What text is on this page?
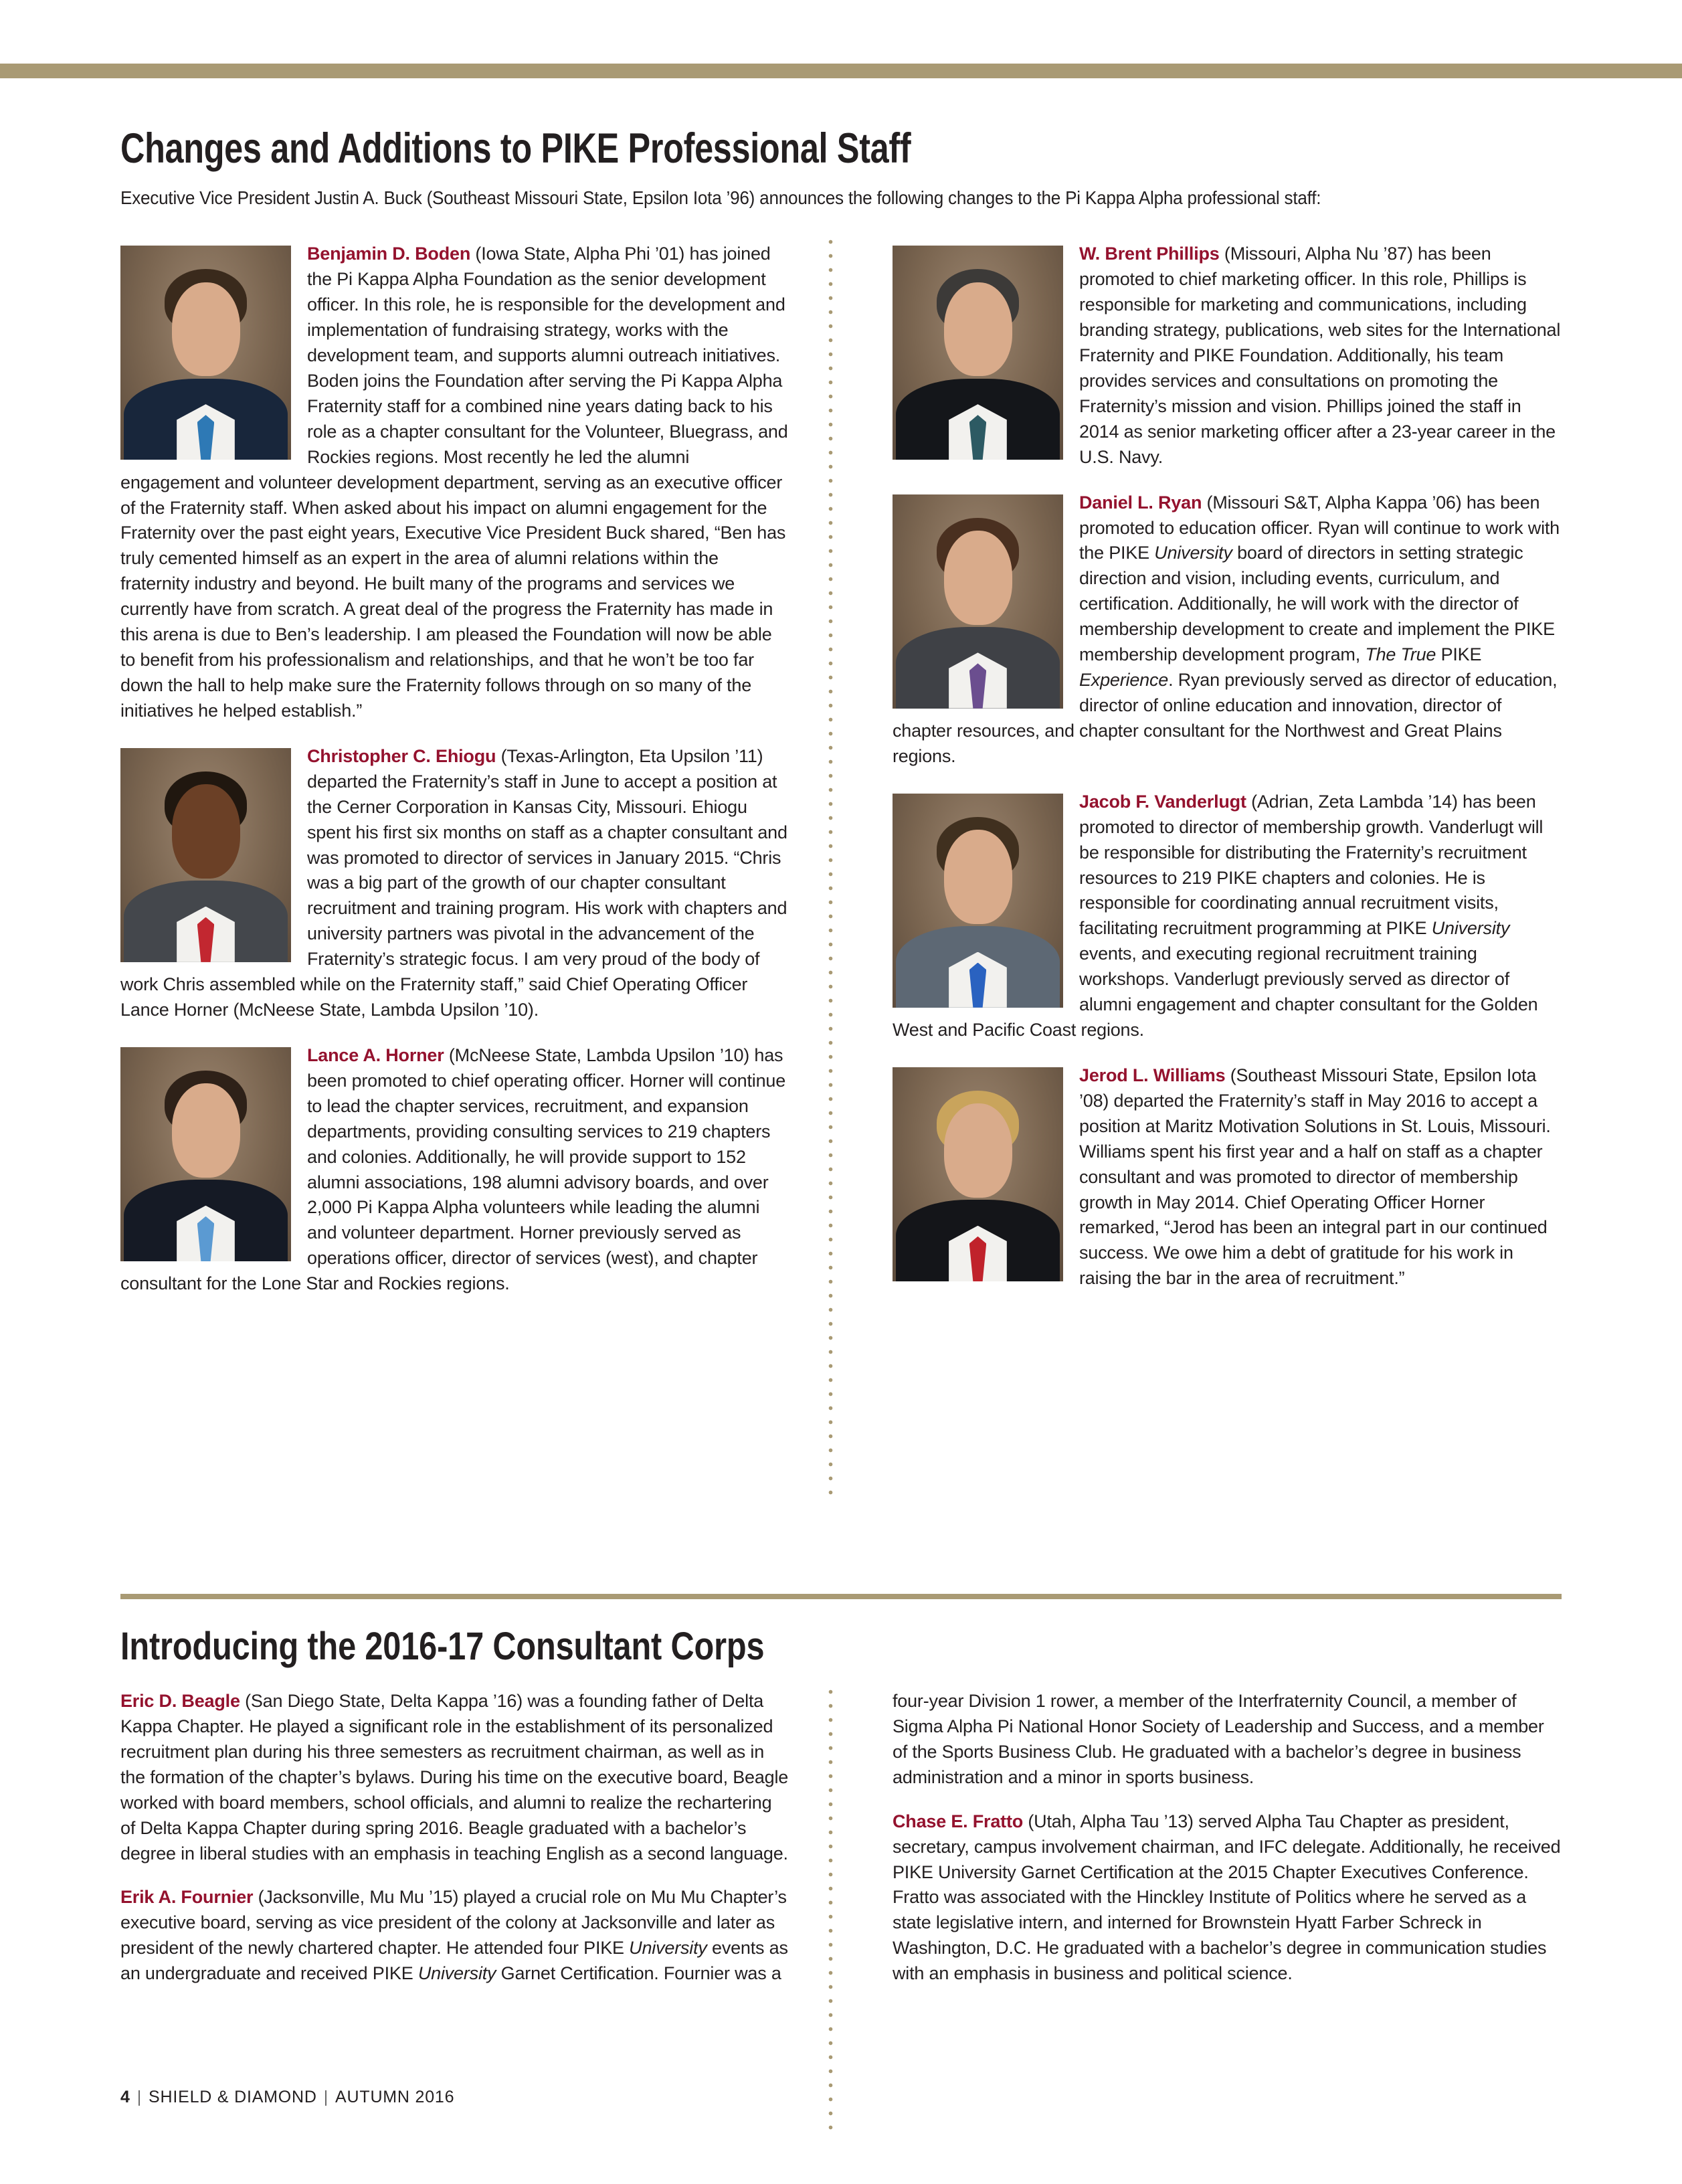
Changes and Additions to PIKE Professional Staff

Executive Vice President Justin A. Buck (Southeast Missouri State, Epsilon Iota ’96) announces the following changes to the Pi Kappa Alpha professional staff:

Benjamin D. Boden (Iowa State, Alpha Phi ’01) has joined the Pi Kappa Alpha Foundation as the senior development officer. In this role, he is responsible for the development and implementation of fundraising strategy, works with the development team, and supports alumni outreach initiatives. Boden joins the Foundation after serving the Pi Kappa Alpha Fraternity staff for a combined nine years dating back to his role as a chapter consultant for the Volunteer, Bluegrass, and Rockies regions. Most recently he led the alumni engagement and volunteer development department, serving as an executive officer of the Fraternity staff. When asked about his impact on alumni engagement for the Fraternity over the past eight years, Executive Vice President Buck shared, “Ben has truly cemented himself as an expert in the area of alumni relations within the fraternity industry and beyond. He built many of the programs and services we currently have from scratch. A great deal of the progress the Fraternity has made in this arena is due to Ben’s leadership. I am pleased the Foundation will now be able to benefit from his professionalism and relationships, and that he won’t be too far down the hall to help make sure the Fraternity follows through on so many of the initiatives he helped establish.”

Christopher C. Ehiogu (Texas-Arlington, Eta Upsilon ’11) departed the Fraternity’s staff in June to accept a position at the Cerner Corporation in Kansas City, Missouri. Ehiogu spent his first six months on staff as a chapter consultant and was promoted to director of services in January 2015. “Chris was a big part of the growth of our chapter consultant recruitment and training program. His work with chapters and university partners was pivotal in the advancement of the Fraternity’s strategic focus. I am very proud of the body of work Chris assembled while on the Fraternity staff,” said Chief Operating Officer Lance Horner (McNeese State, Lambda Upsilon ’10).

Lance A. Horner (McNeese State, Lambda Upsilon ’10) has been promoted to chief operating officer. Horner will continue to lead the chapter services, recruitment, and expansion departments, providing consulting services to 219 chapters and colonies. Additionally, he will provide support to 152 alumni associations, 198 alumni advisory boards, and over 2,000 Pi Kappa Alpha volunteers while leading the alumni and volunteer department. Horner previously served as operations officer, director of services (west), and chapter consultant for the Lone Star and Rockies regions.

W. Brent Phillips (Missouri, Alpha Nu ’87) has been promoted to chief marketing officer. In this role, Phillips is responsible for marketing and communications, including branding strategy, publications, web sites for the International Fraternity and PIKE Foundation. Additionally, his team provides services and consultations on promoting the Fraternity’s mission and vision. Phillips joined the staff in 2014 as senior marketing officer after a 23-year career in the U.S. Navy.

Daniel L. Ryan (Missouri S&T, Alpha Kappa ’06) has been promoted to education officer. Ryan will continue to work with the PIKE University board of directors in setting strategic direction and vision, including events, curriculum, and certification. Additionally, he will work with the director of membership development to create and implement the PIKE membership development program, The True PIKE Experience. Ryan previously served as director of education, director of online education and innovation, director of chapter resources, and chapter consultant for the Northwest and Great Plains regions.

Jacob F. Vanderlugt (Adrian, Zeta Lambda ’14) has been promoted to director of membership growth. Vanderlugt will be responsible for distributing the Fraternity’s recruitment resources to 219 PIKE chapters and colonies. He is responsible for coordinating annual recruitment visits, facilitating recruitment programming at PIKE University events, and executing regional recruitment training workshops. Vanderlugt previously served as director of alumni engagement and chapter consultant for the Golden West and Pacific Coast regions.

Jerod L. Williams (Southeast Missouri State, Epsilon Iota ’08) departed the Fraternity’s staff in May 2016 to accept a position at Maritz Motivation Solutions in St. Louis, Missouri. Williams spent his first year and a half on staff as a chapter consultant and was promoted to director of membership growth in May 2014. Chief Operating Officer Horner remarked, “Jerod has been an integral part in our continued success. We owe him a debt of gratitude for his work in raising the bar in the area of recruitment.”

Introducing the 2016-17 Consultant Corps

Eric D. Beagle (San Diego State, Delta Kappa ’16) was a founding father of Delta Kappa Chapter. He played a significant role in the establishment of its personalized recruitment plan during his three semesters as recruitment chairman, as well as in the formation of the chapter’s bylaws. During his time on the executive board, Beagle worked with board members, school officials, and alumni to realize the rechartering of Delta Kappa Chapter during spring 2016. Beagle graduated with a bachelor’s degree in liberal studies with an emphasis in teaching English as a second language.

Erik A. Fournier (Jacksonville, Mu Mu ’15) played a crucial role on Mu Mu Chapter’s executive board, serving as vice president of the colony at Jacksonville and later as president of the newly chartered chapter. He attended four PIKE University events as an undergraduate and received PIKE University Garnet Certification. Fournier was a

four-year Division 1 rower, a member of the Interfraternity Council, a member of Sigma Alpha Pi National Honor Society of Leadership and Success, and a member of the Sports Business Club. He graduated with a bachelor’s degree in business administration and a minor in sports business.

Chase E. Fratto (Utah, Alpha Tau ’13) served Alpha Tau Chapter as president, secretary, campus involvement chairman, and IFC delegate. Additionally, he received PIKE University Garnet Certification at the 2015 Chapter Executives Conference. Fratto was associated with the Hinckley Institute of Politics where he served as a state legislative intern, and interned for Brownstein Hyatt Farber Schreck in Washington, D.C. He graduated with a bachelor’s degree in communication studies with an emphasis in business and political science.

4 | SHIELD & DIAMOND | AUTUMN 2016
